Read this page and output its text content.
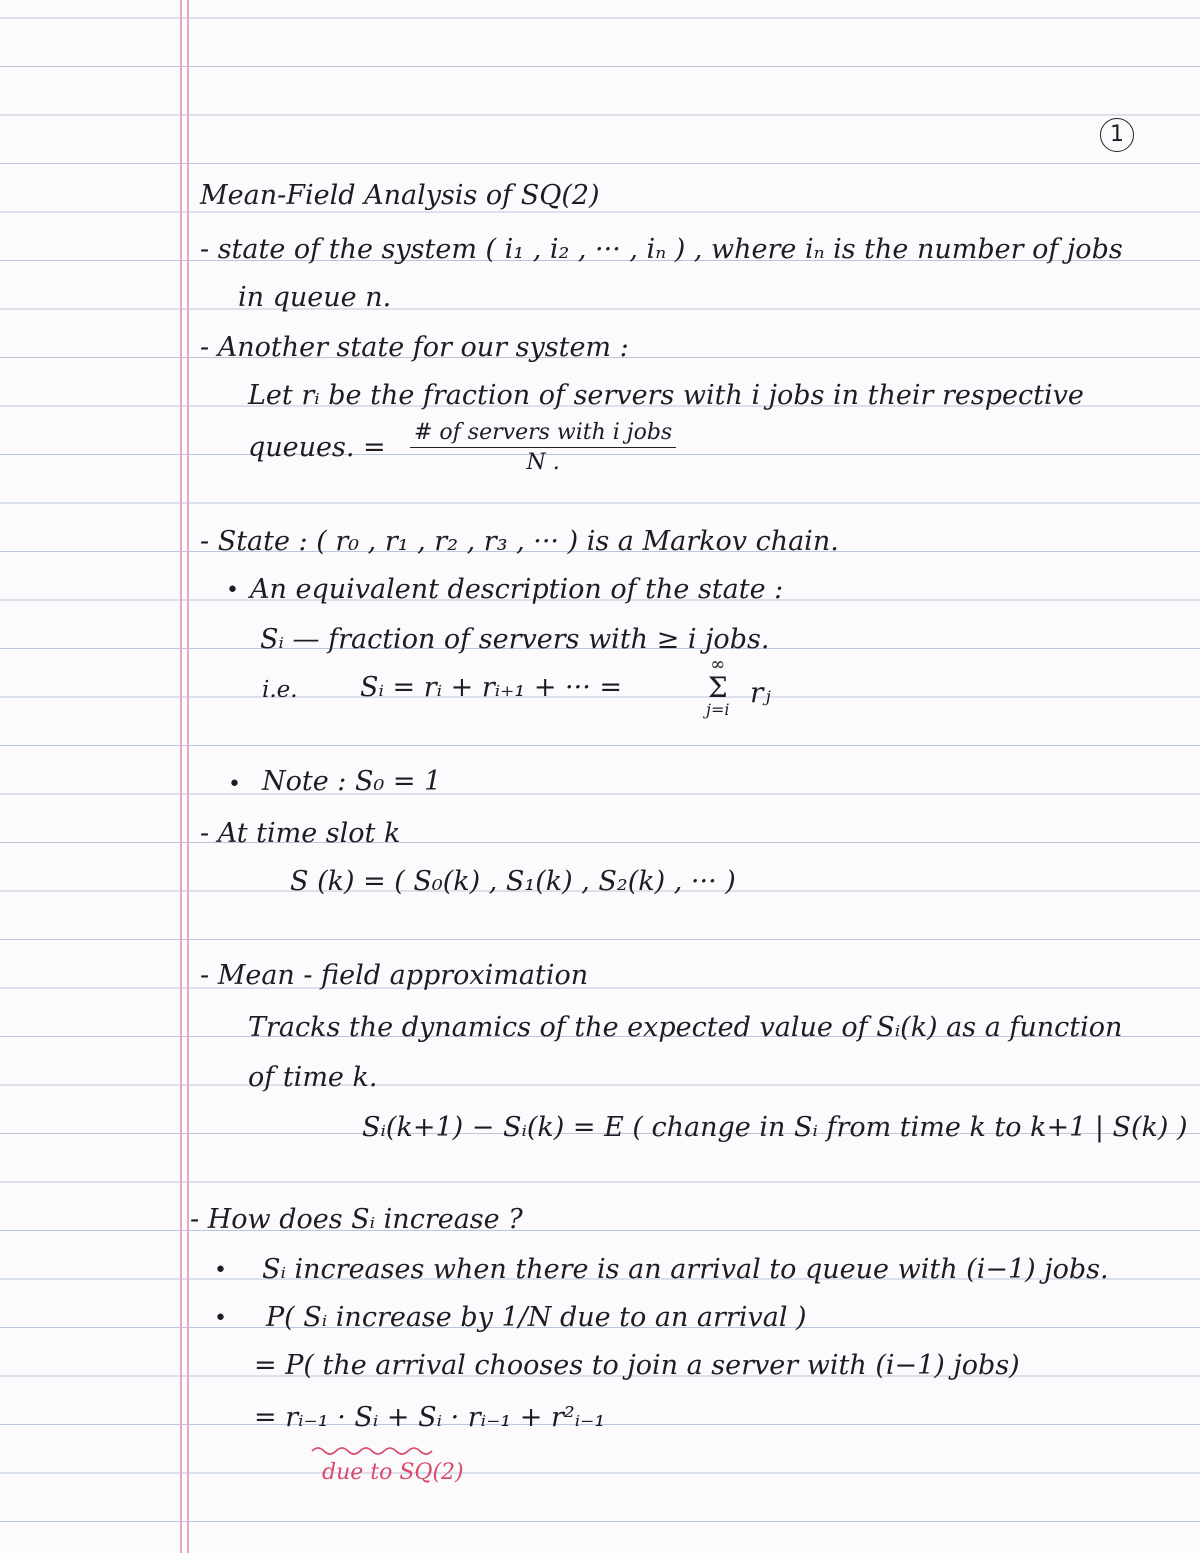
1
Mean-Field Analysis of SQ(2)
- state of the system ( i₁ , i₂ , ··· , iₙ ) , where iₙ is the number of jobs
in queue n.
- Another state for our system :
Let rᵢ be the fraction of servers with i jobs in their respective
queues. = # of servers with i jobs
N .
- State : ( r₀ , r₁ , r₂ , r₃ , ··· ) is a Markov chain.
• An equivalent description of the state :
Sᵢ — fraction of servers with ≥ i jobs.
i.e. Sᵢ = rᵢ + rᵢ₊₁ + ··· =
∞
Σ
j=i
rⱼ
• Note : S₀ = 1
- At time slot k
S (k) = ( S₀(k) , S₁(k) , S₂(k) , ··· )
- Mean - field approximation
Tracks the dynamics of the expected value of Sᵢ(k) as a function
of time k.
Sᵢ(k+1) − Sᵢ(k) = E ( change in Sᵢ from time k to k+1 | S(k) )
- How does Sᵢ increase ?
• Sᵢ increases when there is an arrival to queue with (i−1) jobs.
• P( Sᵢ increase by 1/N due to an arrival )
= P( the arrival chooses to join a server with (i−1) jobs)
= rᵢ₋₁ · Sᵢ + Sᵢ · rᵢ₋₁ + r²ᵢ₋₁
due to SQ(2)
